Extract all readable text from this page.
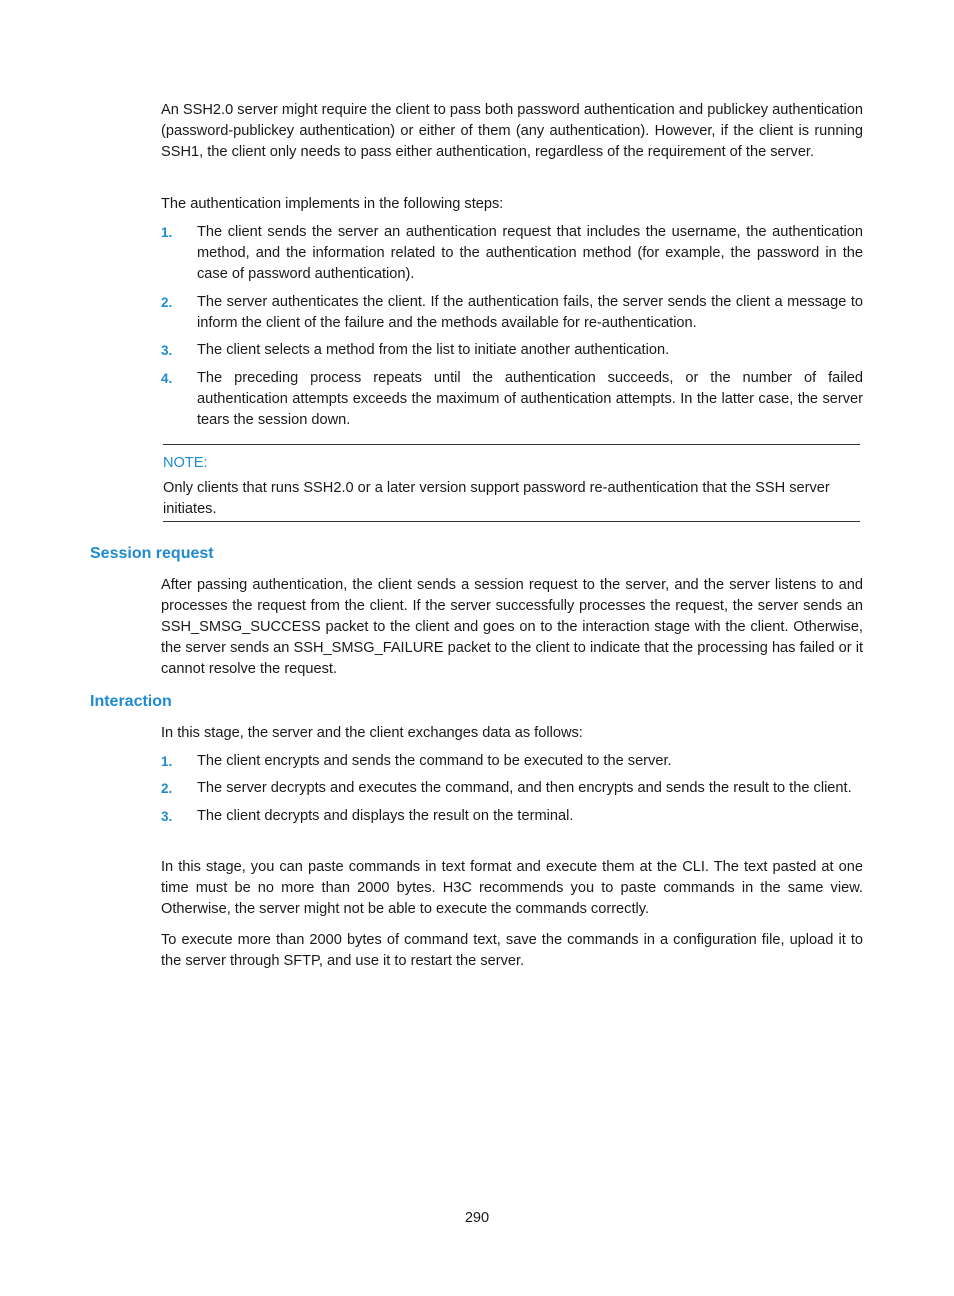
An SSH2.0 server might require the client to pass both password authentication and publickey authentication (password-publickey authentication) or either of them (any authentication). However, if the client is running SSH1, the client only needs to pass either authentication, regardless of the requirement of the server.

The authentication implements in the following steps:

1. The client sends the server an authentication request that includes the username, the authentication method, and the information related to the authentication method (for example, the password in the case of password authentication).
2. The server authenticates the client. If the authentication fails, the server sends the client a message to inform the client of the failure and the methods available for re-authentication.
3. The client selects a method from the list to initiate another authentication.
4. The preceding process repeats until the authentication succeeds, or the number of failed authentication attempts exceeds the maximum of authentication attempts. In the latter case, the server tears the session down.

NOTE:

Only clients that runs SSH2.0 or a later version support password re-authentication that the SSH server initiates.

Session request

After passing authentication, the client sends a session request to the server, and the server listens to and processes the request from the client. If the server successfully processes the request, the server sends an SSH_SMSG_SUCCESS packet to the client and goes on to the interaction stage with the client. Otherwise, the server sends an SSH_SMSG_FAILURE packet to the client to indicate that the processing has failed or it cannot resolve the request.

Interaction

In this stage, the server and the client exchanges data as follows:

1. The client encrypts and sends the command to be executed to the server.
2. The server decrypts and executes the command, and then encrypts and sends the result to the client.
3. The client decrypts and displays the result on the terminal.

In this stage, you can paste commands in text format and execute them at the CLI. The text pasted at one time must be no more than 2000 bytes. H3C recommends you to paste commands in the same view. Otherwise, the server might not be able to execute the commands correctly.

To execute more than 2000 bytes of command text, save the commands in a configuration file, upload it to the server through SFTP, and use it to restart the server.

290
